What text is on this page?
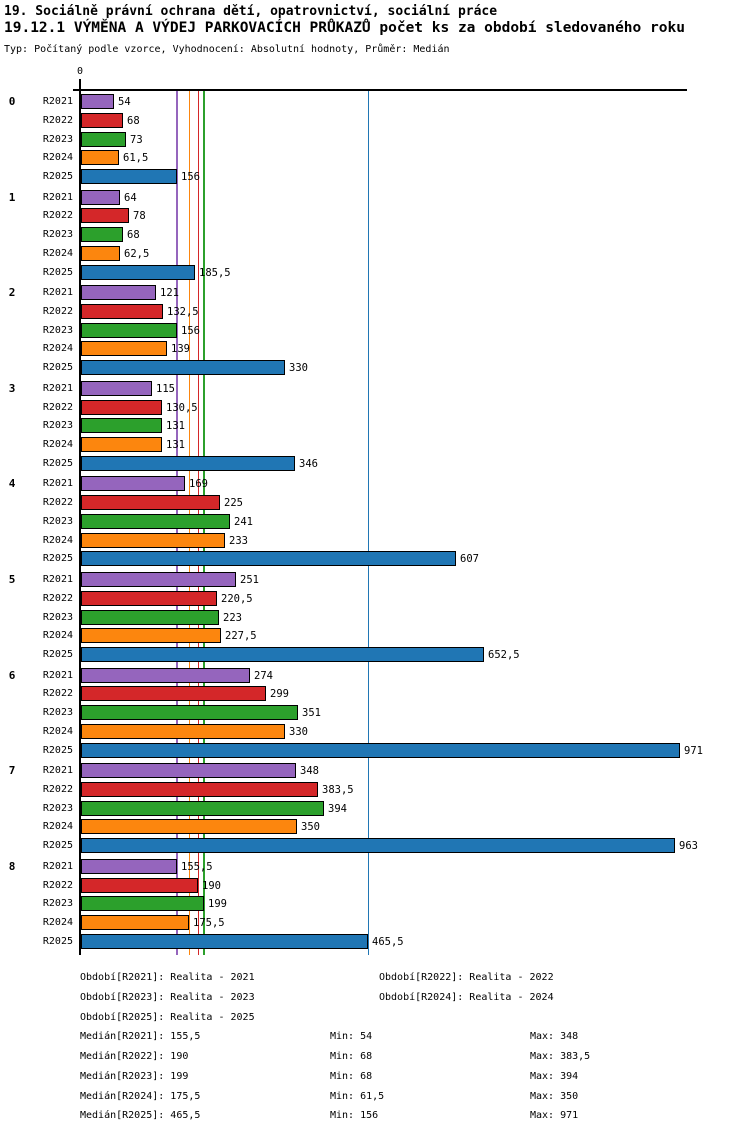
19. Sociálně právní ochrana dětí, opatrovnictví, sociální práce
19.12.1 VÝMĚNA A VÝDEJ PARKOVACÍCH PRŮKAZŮ počet ks za období sledovaného roku
Typ: Počítaný podle vzorce, Vyhodnocení: Absolutní hodnoty, Průměr: Medián
0
0	R2021	54
R2022	68
R2023	73
R2024	61,5
R2025	156
1	R2021	64
R2022	78
R2023	68
R2024	62,5
R2025	185,5
2	R2021	121
R2022	132,5
R2023	156
R2024	139
R2025	330
3	R2021	115
R2022	130,5
R2023	131
R2024	131
R2025	346
4	R2021	169
R2022	225
R2023	241
R2024	233
R2025	607
5	R2021	251
R2022	220,5
R2023	223
R2024	227,5
R2025	652,5
6	R2021	274
R2022	299
R2023	351
R2024	330
R2025	971
7	R2021	348
R2022	383,5
R2023	394
R2024	350
R2025	963
8	R2021	155,5
R2022	190
R2023	199
R2024	175,5
R2025	465,5
Období[R2021]: Realita - 2021	Období[R2022]: Realita - 2022
Období[R2023]: Realita - 2023	Období[R2024]: Realita - 2024
Období[R2025]: Realita - 2025
Medián[R2021]: 155,5	Min: 54	Max: 348
Medián[R2022]: 190	Min: 68	Max: 383,5
Medián[R2023]: 199	Min: 68	Max: 394
Medián[R2024]: 175,5	Min: 61,5	Max: 350
Medián[R2025]: 465,5	Min: 156	Max: 971
